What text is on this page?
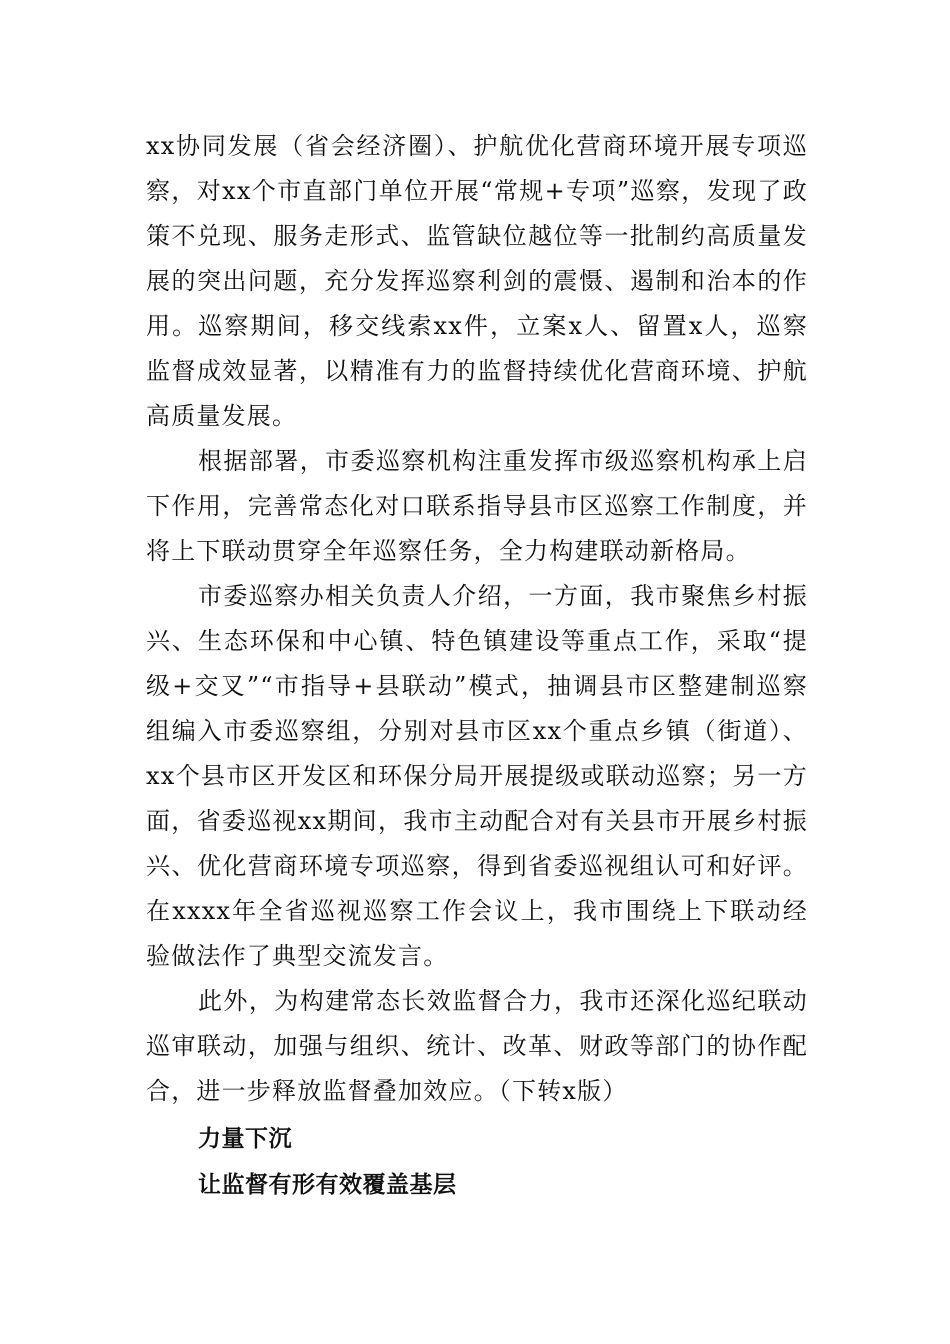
xx协同发展（省会经济圈）、护航优化营商环境开展专项巡察，对xx个市直部门单位开展“常规+专项”巡察，发现了政策不兑现、服务走形式、监管缺位越位等一批制约高质量发展的突出问题，充分发挥巡察利剑的震慑、遏制和治本的作用。巡察期间，移交线索xx件，立案x人、留置x人，巡察监督成效显著，以精准有力的监督持续优化营商环境、护航高质量发展。

根据部署，市委巡察机构注重发挥市级巡察机构承上启下作用，完善常态化对口联系指导县市区巡察工作制度，并将上下联动贯穿全年巡察任务，全力构建联动新格局。

市委巡察办相关负责人介绍，一方面，我市聚焦乡村振兴、生态环保和中心镇、特色镇建设等重点工作，采取“提级+交叉”“市指导+县联动”模式，抽调县市区整建制巡察组编入市委巡察组，分别对县市区xx个重点乡镇（街道）、xx个县市区开发区和环保分局开展提级或联动巡察；另一方面，省委巡视xx期间，我市主动配合对有关县市开展乡村振兴、优化营商环境专项巡察，得到省委巡视组认可和好评。在xxxx年全省巡视巡察工作会议上，我市围绕上下联动经验做法作了典型交流发言。

此外，为构建常态长效监督合力，我市还深化巡纪联动巡审联动，加强与组织、统计、改革、财政等部门的协作配合，进一步释放监督叠加效应。（下转x版）

力量下沉

让监督有形有效覆盖基层
